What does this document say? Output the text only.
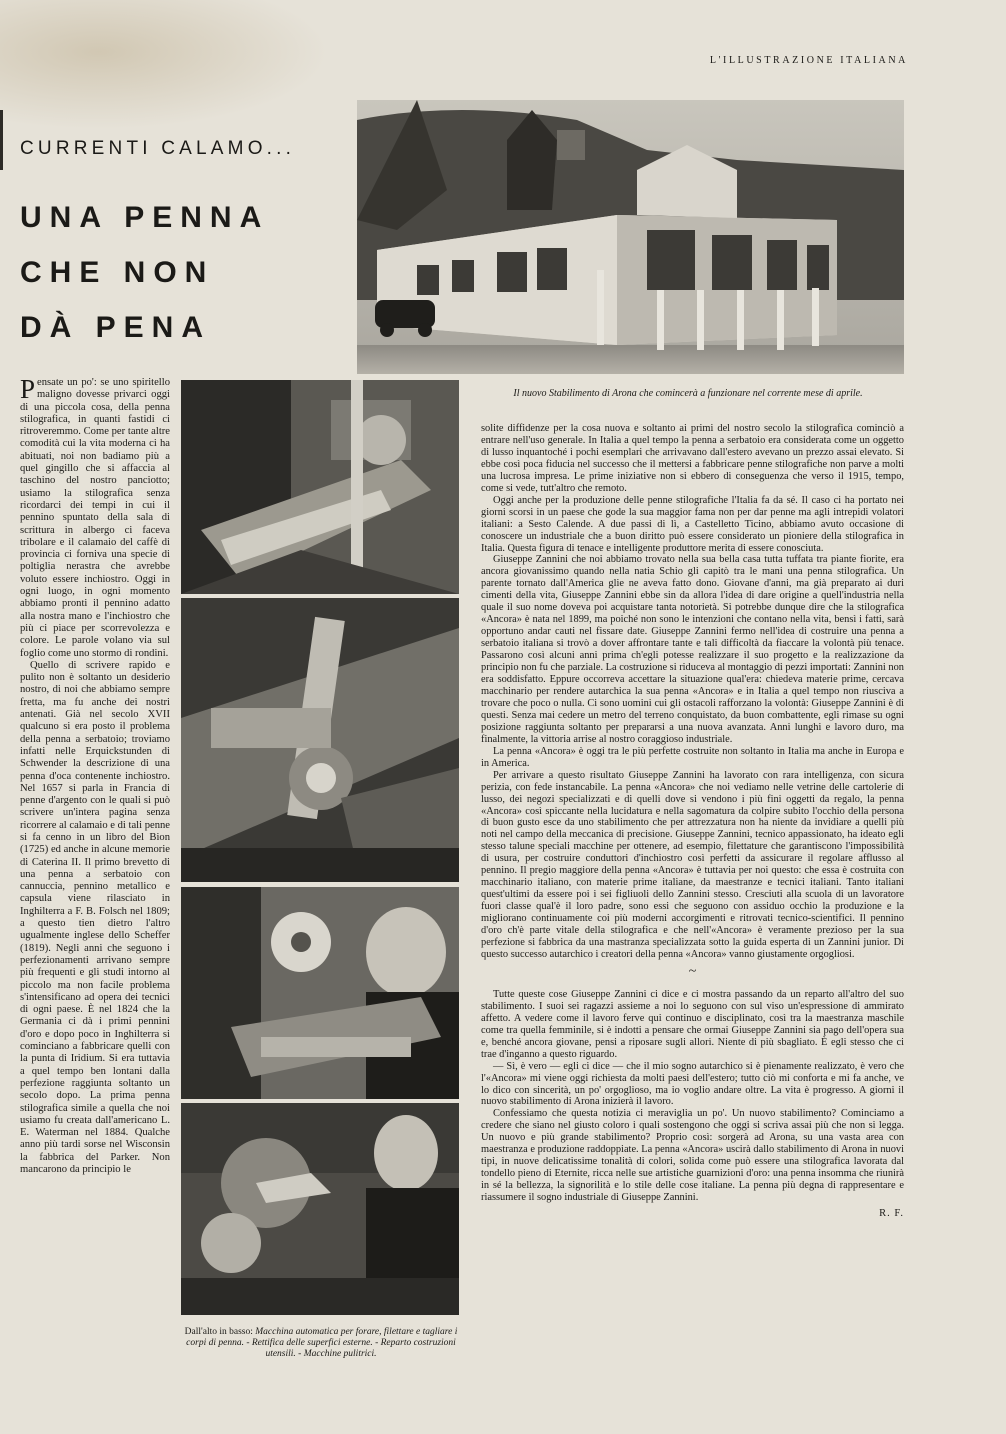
L'ILLUSTRAZIONE ITALIANA
CURRENTI CALAMO...
UNA PENNA
CHE NON
DÀ PENA
Il nuovo Stabilimento di Arona che comincerà a funzionare nel corrente mese di aprile.
Dall'alto in basso: Macchina automatica per forare, filettare e tagliare i corpi di penna. - Rettifica delle superfici esterne. - Reparto costruzioni utensili. - Macchine pulitrici.

Pensate un po': se uno spiritello maligno dovesse privarci oggi di una piccola cosa, della penna stilografica, in quanti fastidi ci ritroveremmo. Come per tante altre comodità cui la vita moderna ci ha abituati, noi non badiamo più a quel gingillo che si affaccia al taschino del nostro panciotto; usiamo la stilografica senza ricordarci dei tempi in cui il pennino spuntato della sala di scrittura in albergo ci faceva tribolare e il calamaio del caffè di provincia ci forniva una specie di poltiglia nerastra che avrebbe voluto essere inchiostro. Oggi in ogni luogo, in ogni momento abbiamo pronti il pennino adatto alla nostra mano e l'inchiostro che più ci piace per scorrevolezza e colore. Le parole volano via sul foglio come uno stormo di rondini.

Quello di scrivere rapido e pulito non è soltanto un desiderio nostro, di noi che abbiamo sempre fretta, ma fu anche dei nostri antenati. Già nel secolo XVII qualcuno si era posto il problema della penna a serbatoio; troviamo infatti nelle Erquickstunden di Schwender la descrizione di una penna d'oca contenente inchiostro. Nel 1657 si parla in Francia di penne d'argento con le quali si può scrivere un'intera pagina senza ricorrere al calamaio e di tali penne si fa cenno in un libro del Bion (1725) ed anche in alcune memorie di Caterina II. Il primo brevetto di una penna a serbatoio con cannuccia, pennino metallico e capsula viene rilasciato in Inghilterra a F. B. Folsch nel 1809; a questo tien dietro l'altro ugualmente inglese dello Scheffer (1819). Negli anni che seguono i perfezionamenti arrivano sempre più frequenti e gli studi intorno al piccolo ma non facile problema s'intensificano ad opera dei tecnici di ogni paese. È nel 1824 che la Germania ci dà i primi pennini d'oro e dopo poco in Inghilterra si cominciano a fabbricare quelli con la punta di Iridium. Si era tuttavia a quel tempo ben lontani dalla perfezione raggiunta soltanto un secolo dopo. La prima penna stilografica simile a quella che noi usiamo fu creata dall'americano L. E. Waterman nel 1884. Qualche anno più tardi sorse nel Wisconsin la fabbrica del Parker. Non mancarono da principio le

solite diffidenze per la cosa nuova e soltanto ai primi del nostro secolo la stilografica cominciò a entrare nell'uso generale. In Italia a quel tempo la penna a serbatoio era considerata come un oggetto di lusso inquantoché i pochi esemplari che arrivavano dall'estero avevano un prezzo assai elevato. Si ebbe così poca fiducia nel successo che il mettersi a fabbricare penne stilografiche non parve a molti una lucrosa impresa. Le prime iniziative non si ebbero di conseguenza che verso il 1915, tempo, come si vede, tutt'altro che remoto.

Oggi anche per la produzione delle penne stilografiche l'Italia fa da sé. Il caso ci ha portato nei giorni scorsi in un paese che gode la sua maggior fama non per dar penne ma agli intrepidi volatori italiani: a Sesto Calende. A due passi di lì, a Castelletto Ticino, abbiamo avuto occasione di conoscere un industriale che a buon diritto può essere considerato un pioniere della stilografica in Italia. Questa figura di tenace e intelligente produttore merita di essere conosciuta.

Giuseppe Zannini che noi abbiamo trovato nella sua bella casa tutta tuffata tra piante fiorite, era ancora giovanissimo quando nella natia Schio gli capitò tra le mani una penna stilografica. Un parente tornato dall'America glie ne aveva fatto dono. Giovane d'anni, ma già preparato ai duri cimenti della vita, Giuseppe Zannini ebbe sin da allora l'idea di dare origine a quell'industria nella quale il suo nome doveva poi acquistare tanta notorietà. Si potrebbe dunque dire che la stilografica «Ancora» è nata nel 1899, ma poiché non sono le intenzioni che contano nella vita, bensì i fatti, sarà opportuno andar cauti nel fissare date. Giuseppe Zannini fermo nell'idea di costruire una penna a serbatoio italiana si trovò a dover affrontare tante e tali difficoltà da fiaccare la volontà più tenace. Passarono così alcuni anni prima ch'egli potesse realizzare il suo progetto e la realizzazione da principio non fu che parziale. La costruzione si riduceva al montaggio di pezzi importati: Zannini non era soddisfatto. Eppure occorreva accettare la situazione qual'era: chiedeva materie prime, cercava macchinario per rendere autarchica la sua penna «Ancora» e in Italia a quel tempo non riusciva a trovare che poco o nulla. Ci sono uomini cui gli ostacoli rafforzano la volontà: Giuseppe Zannini è di questi. Senza mai cedere un metro del terreno conquistato, da buon combattente, egli rimase su ogni posizione raggiunta soltanto per prepararsi a una nuova avanzata. Anni lunghi e lavoro duro, ma finalmente, la vittoria arrise al nostro coraggioso industriale.

La penna «Ancora» è oggi tra le più perfette costruite non soltanto in Italia ma anche in Europa e in America.

Per arrivare a questo risultato Giuseppe Zannini ha lavorato con rara intelligenza, con sicura perizia, con fede instancabile. La penna «Ancora» che noi vediamo nelle vetrine delle cartolerie di lusso, dei negozi specializzati e di quelli dove si vendono i più fini oggetti da regalo, la penna «Ancora» così spiccante nella lucidatura e nella sagomatura da colpire subito l'occhio della persona di buon gusto esce da uno stabilimento che per attrezzatura non ha niente da invidiare a quelli più noti nel campo della meccanica di precisione. Giuseppe Zannini, tecnico appassionato, ha ideato egli stesso talune speciali macchine per ottenere, ad esempio, filettature che garantiscono l'impossibilità di usura, per costruire conduttori d'inchiostro così perfetti da assicurare il regolare afflusso al pennino. Il pregio maggiore della penna «Ancora» è tuttavia per noi questo: che essa è costruita con macchinario italiano, con materie prime italiane, da maestranze e tecnici italiani. Tanto italiani quest'ultimi da essere poi i sei figliuoli dello Zannini stesso. Cresciuti alla scuola di un lavoratore fuori classe qual'è il loro padre, sono essi che seguono con assiduo occhio la produzione e la migliorano continuamente coi più moderni accorgimenti e ritrovati tecnico-scientifici. Il pennino d'oro ch'è parte vitale della stilografica e che nell'«Ancora» è veramente prezioso per la sua perfezione si fabbrica da una mastranza specializzata sotto la guida esperta di un Zannini junior. Di questo successo autarchico i creatori della penna «Ancora» vanno giustamente orgogliosi.

~

Tutte queste cose Giuseppe Zannini ci dice e ci mostra passando da un reparto all'altro del suo stabilimento. I suoi sei ragazzi assieme a noi lo seguono con sul viso un'espressione di ammirato affetto. A vedere come il lavoro ferve qui continuo e disciplinato, così tra la maestranza maschile come tra quella femminile, si è indotti a pensare che ormai Giuseppe Zannini sia pago dell'opera sua e, benché ancora giovane, pensi a riposare sugli allori. Niente di più sbagliato. È egli stesso che ci trae d'inganno a questo riguardo.

— Sì, è vero — egli ci dice — che il mio sogno autarchico si è pienamente realizzato, è vero che l'«Ancora» mi viene oggi richiesta da molti paesi dell'estero; tutto ciò mi conforta e mi fa anche, ve lo dico con sincerità, un po' orgoglioso, ma io voglio andare oltre. La vita è progresso. A giorni il nuovo stabilimento di Arona inizierà il lavoro.

Confessiamo che questa notizia ci meraviglia un po'. Un nuovo stabilimento? Cominciamo a credere che siano nel giusto coloro i quali sostengono che oggi si scriva assai più che non si legga. Un nuovo e più grande stabilimento? Proprio così: sorgerà ad Arona, su una vasta area con maestranza e produzione raddoppiate. La penna «Ancora» uscirà dallo stabilimento di Arona in nuovi tipi, in nuove delicatissime tonalità di colori, solida come può essere una stilografica lavorata dal tondello pieno di Eternite, ricca nelle sue artistiche guarnizioni d'oro: una penna insomma che riunirà in sé la bellezza, la signorilità e lo stile delle cose italiane. La penna più degna di rappresentare e riassumere il sogno industriale di Giuseppe Zannini.

R. F.
